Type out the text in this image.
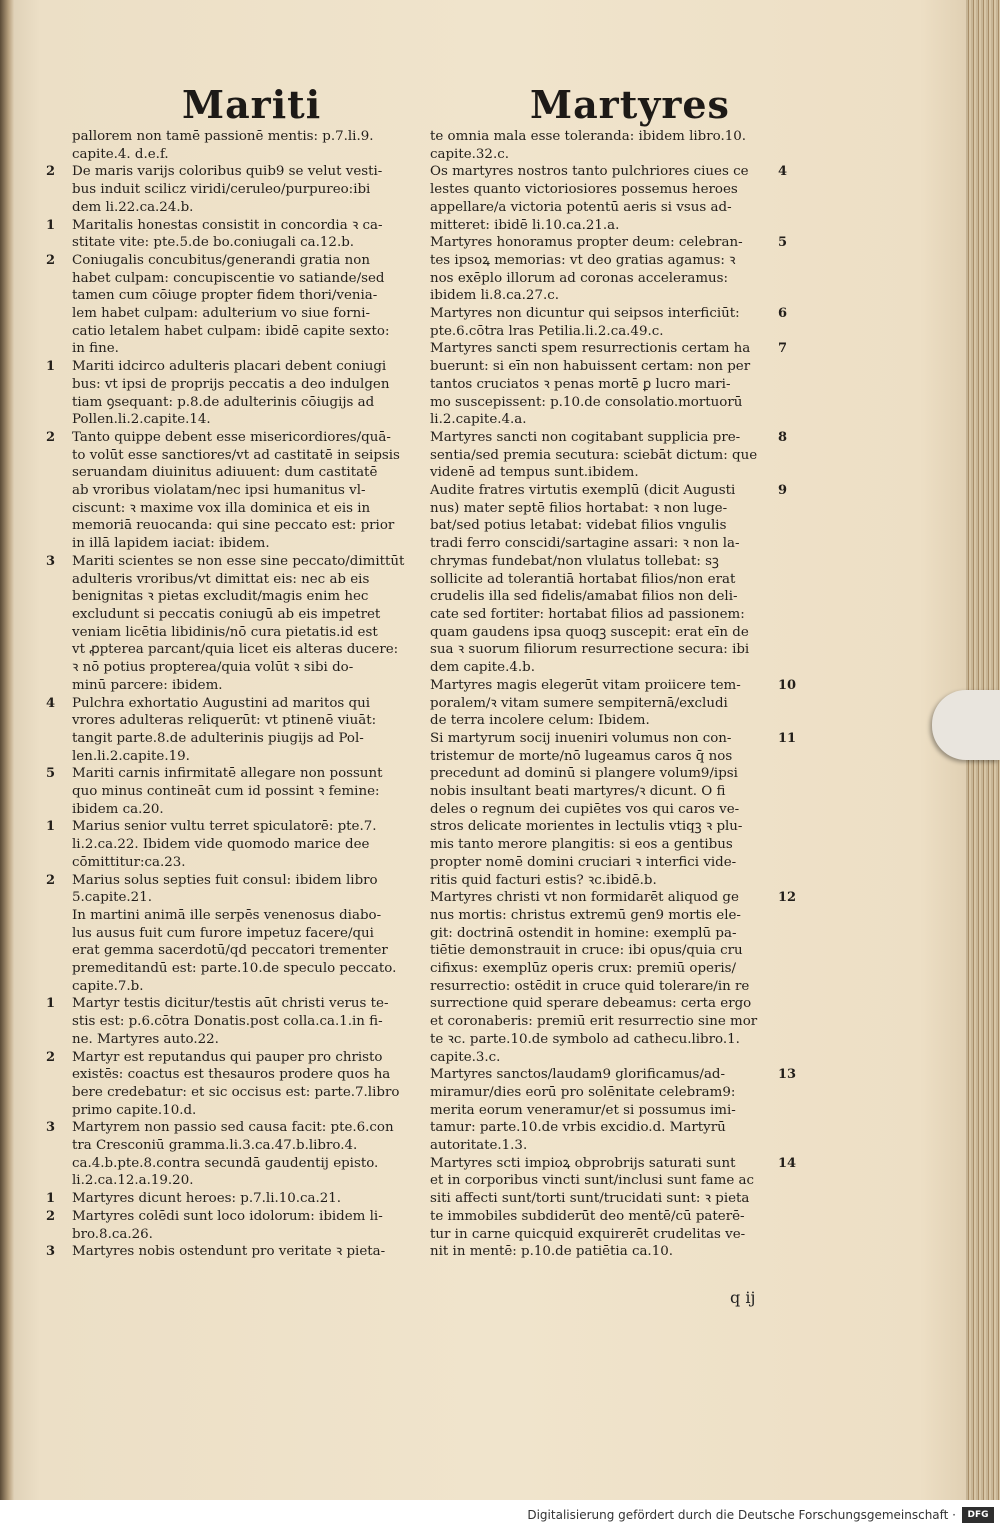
Mariti	Martyres
pallorem non tamē passionē mentis: p.7.li.9.
capite.4. d.e.f.
2 De maris varijs coloribus quib9 se velut vesti-
bus induit scilicz viridi/ceruleo/purpureo:ibi
dem li.22.ca.24.b.
1 Maritalis honestas consistit in concordia ꝛ ca-
stitate vite: pte.5.de bo.coniugali ca.12.b.
2 Coniugalis concubitus/generandi gratia non
habet culpam: concupiscentie vo satiande/sed
tamen cum cōiuge propter fidem thori/venia-
lem habet culpam: adulterium vo siue forni-
catio letalem habet culpam: ibidē capite sexto:
in fine.
1 Mariti idcirco adulteris placari debent coniugi
bus: vt ipsi de proprijs peccatis a deo indulgen
tiam ꝯsequant: p.8.de adulterinis cōiugijs ad
Pollen.li.2.capite.14.
2 Tanto quippe debent esse misericordiores/quā-
to volūt esse sanctiores/vt ad castitatē in seipsis
seruandam diuinitus adiuuent: dum castitatē
ab vroribus violatam/nec ipsi humanitus vl-
ciscunt: ꝛ maxime vox illa dominica et eis in
memoriā reuocanda: qui sine peccato est: prior
in illā lapidem iaciat: ibidem.
3 Mariti scientes se non esse sine peccato/dimittūt
adulteris vroribus/vt dimittat eis: nec ab eis
benignitas ꝛ pietas excludit/magis enim hec
excludunt si peccatis coniugū ab eis impetret
veniam licētia libidinis/nō cura pietatis.id est
vt ꝓpterea parcant/quia licet eis alteras ducere:
ꝛ nō potius propterea/quia volūt ꝛ sibi do-
minū parcere: ibidem.
4 Pulchra exhortatio Augustini ad maritos qui
vrores adulteras reliquerūt: vt ptinenē viuāt:
tangit parte.8.de adulterinis piugijs ad Pol-
len.li.2.capite.19.
5 Mariti carnis infirmitatē allegare non possunt
quo minus contineāt cum id possint ꝛ femine:
ibidem ca.20.
1 Marius senior vultu terret spiculatorē: pte.7.
li.2.ca.22. Ibidem vide quomodo marice dee
cōmittitur:ca.23.
2 Marius solus septies fuit consul: ibidem libro
5.capite.21.
In martini animā ille serpēs venenosus diabo-
lus ausus fuit cum furore impetuz facere/qui
erat gemma sacerdotū/qd peccatori trementer
premeditandū est: parte.10.de speculo peccato.
capite.7.b.
1 Martyr testis dicitur/testis aūt christi verus te-
stis est: p.6.cōtra Donatis.post colla.ca.1.in fi-
ne. Martyres auto.22.
2 Martyr est reputandus qui pauper pro christo
existēs: coactus est thesauros prodere quos ha
bere credebatur: et sic occisus est: parte.7.libro
primo capite.10.d.
3 Martyrem non passio sed causa facit: pte.6.con
tra Cresconiū gramma.li.3.ca.47.b.libro.4.
ca.4.b.pte.8.contra secundā gaudentij episto.
li.2.ca.12.a.19.20.
1 Martyres dicunt heroes: p.7.li.10.ca.21.
2 Martyres colēdi sunt loco idolorum: ibidem li-
bro.8.ca.26.
3 Martyres nobis ostendunt pro veritate ꝛ pieta-
te omnia mala esse toleranda: ibidem libro.10.
capite.32.c.
4
Os martyres nostros tanto pulchriores ciues ce
lestes quanto victoriosiores possemus heroes
appellare/a victoria potentū aeris si vsus ad-
mitteret: ibidē li.10.ca.21.a.
5
Martyres honoramus propter deum: celebran-
tes ipsoꝝ memorias: vt deo gratias agamus: ꝛ
nos exēplo illorum ad coronas acceleramus:
ibidem li.8.ca.27.c.
6
Martyres non dicuntur qui seipsos interficiūt:
pte.6.cōtra lras Petilia.li.2.ca.49.c.
7
Martyres sancti spem resurrectionis certam ha
buerunt: si eīn non habuissent certam: non per
tantos cruciatos ꝛ penas mortē ꝑ lucro mari-
mo suscepissent: p.10.de consolatio.mortuorū
li.2.capite.4.a.
8
Martyres sancti non cogitabant supplicia pre-
sentia/sed premia secutura: sciebāt dictum: que
videnē ad tempus sunt.ibidem.
9
Audite fratres virtutis exemplū (dicit Augusti
nus) mater septē filios hortabat: ꝛ non luge-
bat/sed potius letabat: videbat filios vngulis
tradi ferro conscidi/sartagine assari: ꝛ non la-
chrymas fundebat/non vlulatus tollebat: sꝫ
sollicite ad tolerantiā hortabat filios/non erat
crudelis illa sed fidelis/amabat filios non deli-
cate sed fortiter: hortabat filios ad passionem:
quam gaudens ipsa quoqꝫ suscepit: erat eīn de
sua ꝛ suorum filiorum resurrectione secura: ibi
dem capite.4.b.
10
Martyres magis elegerūt vitam proiicere tem-
poralem/ꝛ vitam sumere sempiternā/excludi
de terra incolere celum: Ibidem.
11
Si martyrum socij inueniri volumus non con-
tristemur de morte/nō lugeamus caros q̄ nos
precedunt ad dominū si plangere volum9/ipsi
nobis insultant beati martyres/ꝛ dicunt. O fi
deles o regnum dei cupiētes vos qui caros ve-
stros delicate morientes in lectulis vtiqꝫ ꝛ plu-
mis tanto merore plangitis: si eos a gentibus
propter nomē domini cruciari ꝛ interfici vide-
ritis quid facturi estis? ꝛc.ibidē.b.
12
Martyres christi vt non formidarēt aliquod ge
nus mortis: christus extremū gen9 mortis ele-
git: doctrinā ostendit in homine: exemplū pa-
tiētie demonstrauit in cruce: ibi opus/quia cru
cifixus: exemplūz operis crux: premiū operis/
resurrectio: ostēdit in cruce quid tolerare/in re
surrectione quid sperare debeamus: certa ergo
et coronaberis: premiū erit resurrectio sine mor
te ꝛc. parte.10.de symbolo ad cathecu.libro.1.
capite.3.c.
13
Martyres sanctos/laudam9 glorificamus/ad-
miramur/dies eorū pro solēnitate celebram9:
merita eorum veneramur/et si possumus imi-
tamur: parte.10.de vrbis excidio.d. Martyrū
autoritate.1.3.
14
Martyres scti impioꝝ obprobrijs saturati sunt
et in corporibus vincti sunt/inclusi sunt fame ac
siti affecti sunt/torti sunt/trucidati sunt: ꝛ pieta
te immobiles subdiderūt deo mentē/cū paterē-
tur in carne quicquid exquirerēt crudelitas ve-
nit in mentē: p.10.de patiētia ca.10.
q ij
Digitalisierung gefördert durch die Deutsche Forschungsgemeinschaft ·	DFG
